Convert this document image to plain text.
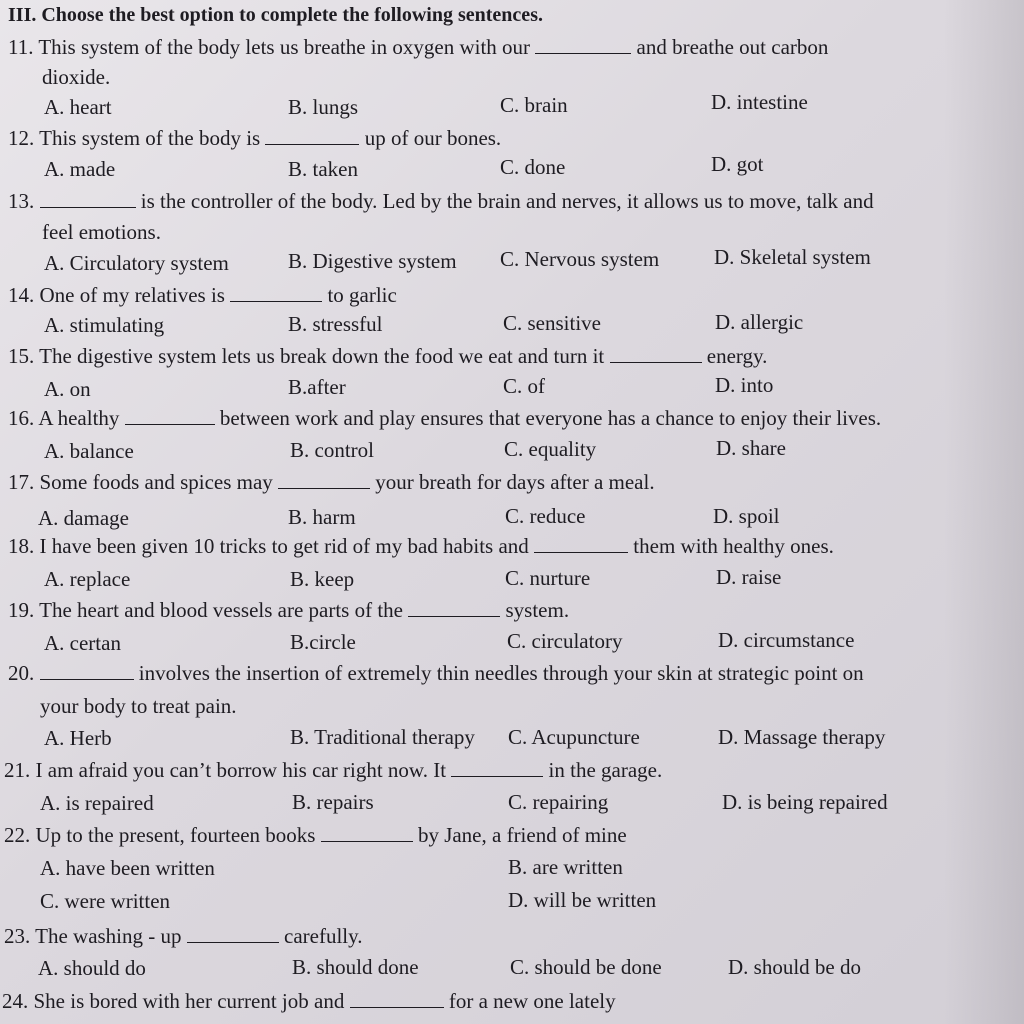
III. Choose the best option to complete the following sentences.
11. This system of the body lets us breathe in oxygen with our	and breathe out carbon
dioxide.
A. heart	B. lungs	C. brain	D. intestine
12. This system of the body is	up of our bones.
A. made	B. taken	C. done	D. got
13.	is the controller of the body. Led by the brain and nerves, it allows us to move, talk and
feel emotions.
A. Circulatory system	B. Digestive system C. Nervous system	D. Skeletal system
14. One of my relatives is	to garlic
A. stimulating	B. stressful	C. sensitive	D. allergic
15. The digestive system lets us break down the food we eat and turn it	energy.
A. on	B.after	C. of	D. into
16. A healthy	between work and play ensures that everyone has a chance to enjoy their lives.
A. balance	B. control	C. equality	D. share
17. Some foods and spices may	your breath for days after a meal.
A. damage	B. harm	C. reduce	D. spoil
18. I have been given 10 tricks to get rid of my bad habits and	them with healthy ones.
A. replace	B. keep	C. nurture	D. raise
19. The heart and blood vessels are parts of the	system.
A. certan	B.circle	C. circulatory	D. circumstance
20.	involves the insertion of extremely thin needles through your skin at strategic point on
your body to treat pain.
A. Herb	B. Traditional therapy C. Acupuncture	D. Massage therapy
21. I am afraid you can’t borrow his car right now. It	in the garage.
A. is repaired	B. repairs	C. repairing	D. is being repaired
22. Up to the present, fourteen books	by Jane, a friend of mine
A. have been written	B. are written
C. were written	D. will be written
23. The washing - up	carefully.
A. should do	B. should done	C. should be done	D. should be do
24. She is bored with her current job and	for a new one lately
